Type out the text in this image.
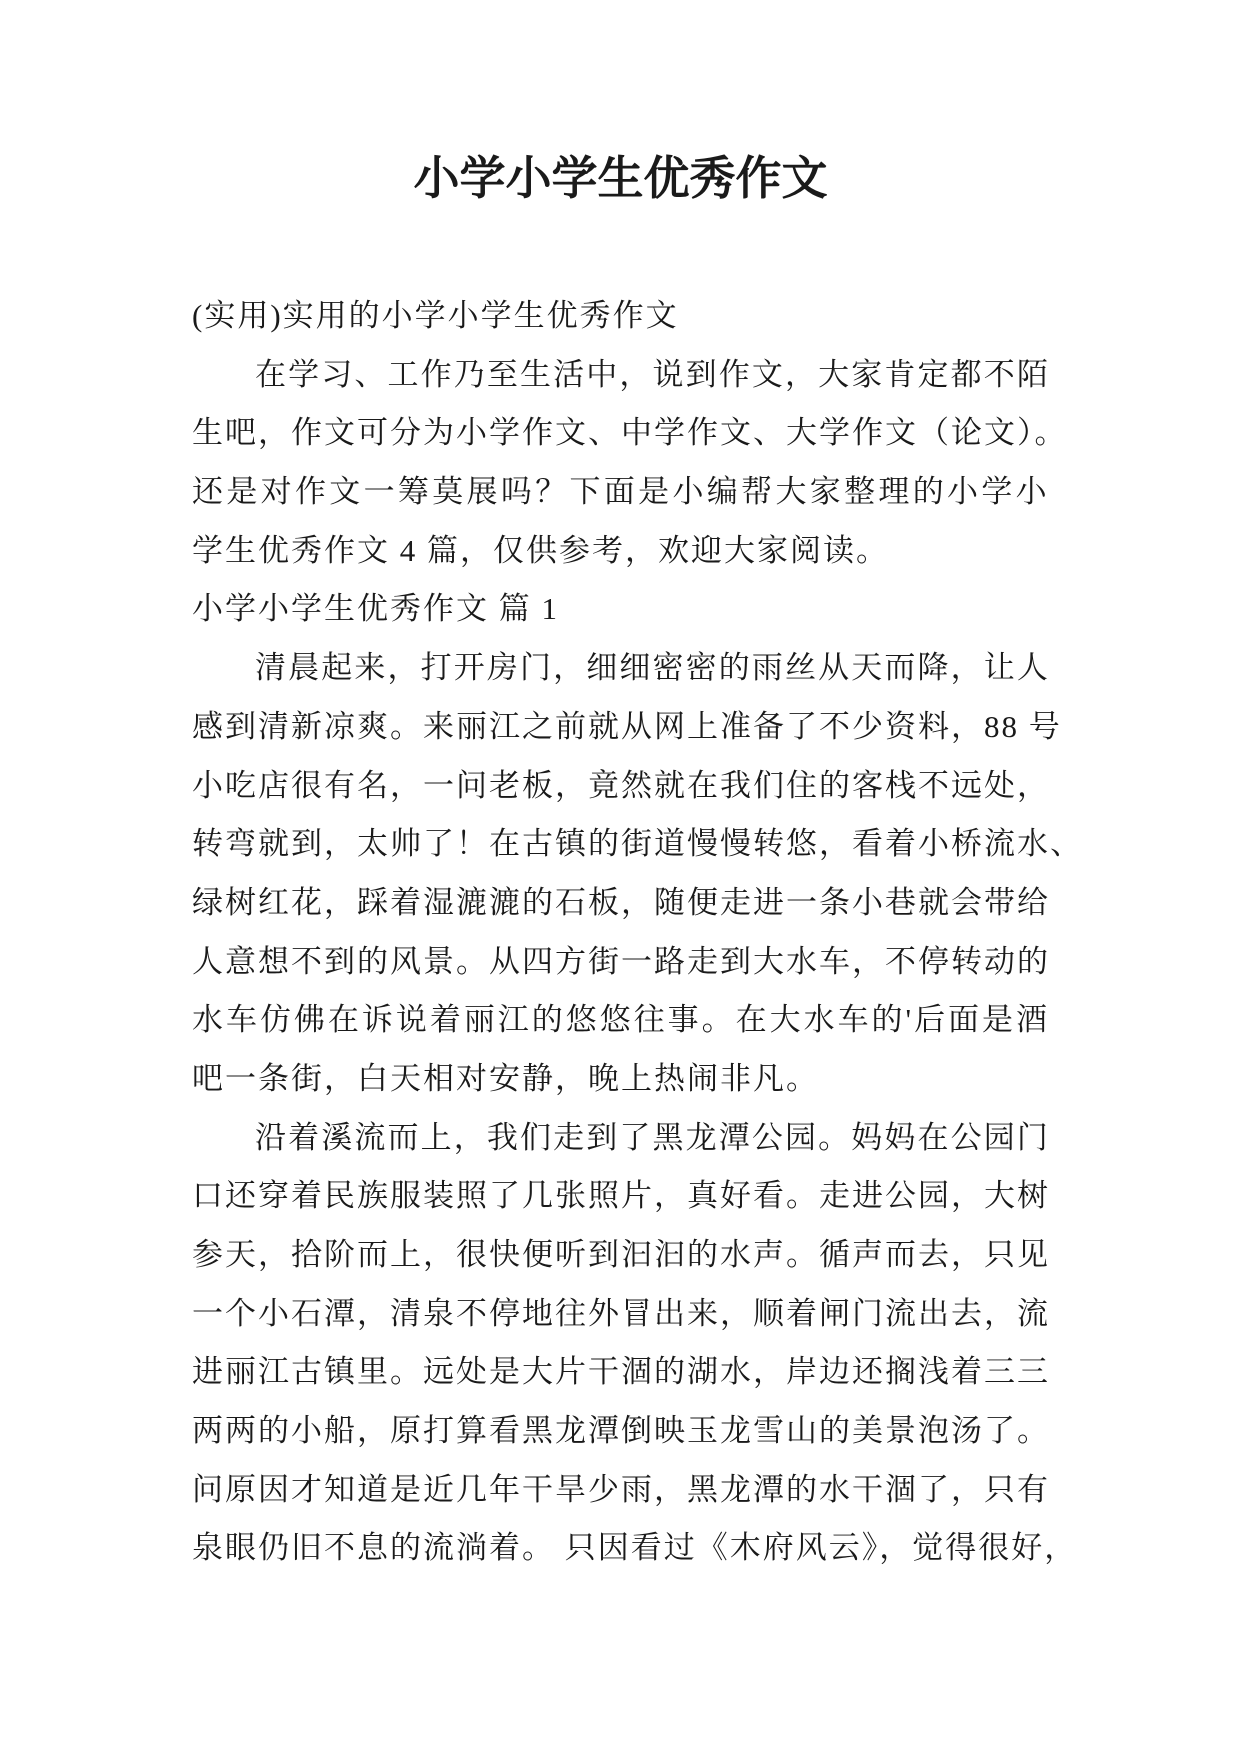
小学小学生优秀作文
(实用)实用的小学小学生优秀作文
在学习、工作乃至生活中，说到作文，大家肯定都不陌
生吧，作文可分为小学作文、中学作文、大学作文（论文）。
还是对作文一筹莫展吗？下面是小编帮大家整理的小学小
学生优秀作文 4 篇，仅供参考，欢迎大家阅读。
小学小学生优秀作文 篇 1
清晨起来，打开房门，细细密密的雨丝从天而降，让人
感到清新凉爽。来丽江之前就从网上准备了不少资料，88 号
小吃店很有名，一问老板，竟然就在我们住的客栈不远处，
转弯就到，太帅了！在古镇的街道慢慢转悠，看着小桥流水、
绿树红花，踩着湿漉漉的石板，随便走进一条小巷就会带给
人意想不到的风景。从四方街一路走到大水车，不停转动的
水车仿佛在诉说着丽江的悠悠往事。在大水车的'后面是酒
吧一条街，白天相对安静，晚上热闹非凡。
沿着溪流而上，我们走到了黑龙潭公园。妈妈在公园门
口还穿着民族服装照了几张照片，真好看。走进公园，大树
参天，拾阶而上，很快便听到汩汩的水声。循声而去，只见
一个小石潭，清泉不停地往外冒出来，顺着闸门流出去，流
进丽江古镇里。远处是大片干涸的湖水，岸边还搁浅着三三
两两的小船，原打算看黑龙潭倒映玉龙雪山的美景泡汤了。
问原因才知道是近几年干旱少雨，黑龙潭的水干涸了，只有
泉眼仍旧不息的流淌着。 只因看过《木府风云》，觉得很好，
